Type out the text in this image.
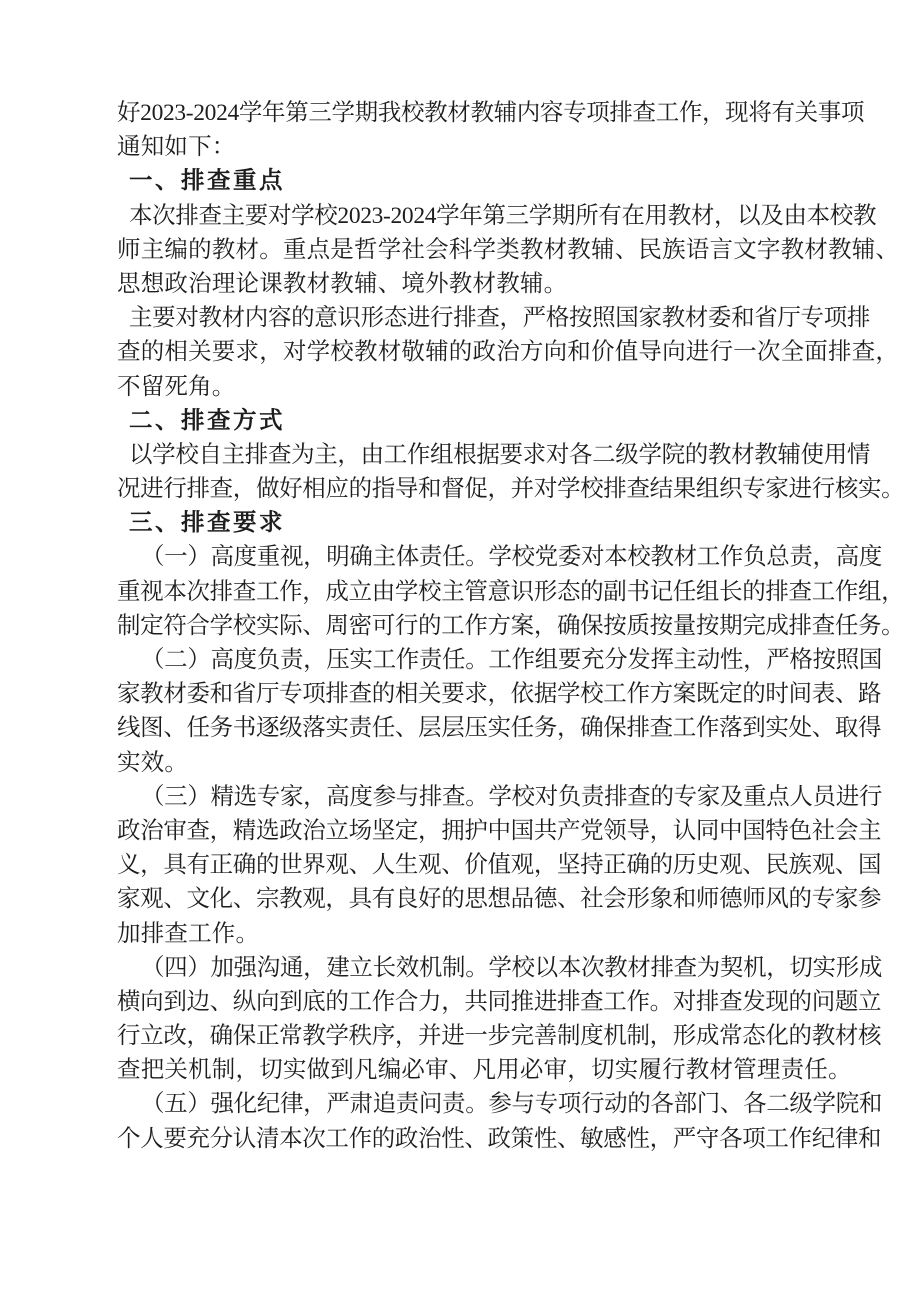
好 2 0 2 3 - 2 0 2 4 学 年 第 三 学 期 我 校 教 材 教 辅 内 容 专 项 排 查 工 作 ， 现 将 有 关 事 项
通知如下：
一、排查重点
本 次 排 查 主 要 对 学 校 2 0 2 3 - 2 0 2 4 学 年 第 三 学 期 所 有 在 用 教 材 ， 以 及 由 本 校 教
师主编的教材。重点是哲学社会科学类教材教辅、民族语言文字教材教辅、
思想政治理论课教材教辅、境外教材教辅。
主 要 对 教 材 内 容 的 意 识 形 态 进 行 排 查 ， 严 格 按 照 国 家 教 材 委 和 省 厅 专 项 排
查的相关要求，对学校教材敬辅的政治方向和价值导向进行一次全面排查，
不留死角。
二、排查方式
以 学 校 自 主 排 查 为 主 ， 由 工 作 组 根 据 要 求 对 各 二 级 学 院 的 教 材 教 辅 使 用 情
况 进 行 排 查 ， 做 好 相 应 的 指 导 和 督 促 ， 并 对 学 校 排 查 结 果 组 织 专 家 进 行 核 实 。
三、排查要求
（ 一 ） 高 度 重 视 ， 明 确 主 体 责 任 。 学 校 党 委 对 本 校 教 材 工 作 负 总 责 ， 高 度
重 视 本 次 排 查 工 作 ， 成 立 由 学 校 主 管 意 识 形 态 的 副 书 记 任 组 长 的 排 查 工 作 组 ，
制 定 符 合 学 校 实 际 、 周 密 可 行 的 工 作 方 案 ， 确 保 按 质 按 量 按 期 完 成 排 查 任 务 。
（ 二 ） 高 度 负 责 ， 压 实 工 作 责 任 。 工 作 组 要 充 分 发 挥 主 动 性 ， 严 格 按 照 国
家 教 材 委 和 省 厅 专 项 排 查 的 相 关 要 求 ， 依 据 学 校 工 作 方 案 既 定 的 时 间 表 、 路
线 图 、 任 务 书 逐 级 落 实 责 任 、 层 层 压 实 任 务 ， 确 保 排 查 工 作 落 到 实 处 、 取 得
实效。
（ 三 ） 精 选 专 家 ， 高 度 参 与 排 查 。 学 校 对 负 责 排 查 的 专 家 及 重 点 人 员 进 行
政 治 审 查 ， 精 选 政 治 立 场 坚 定 ， 拥 护 中 国 共 产 党 领 导 ， 认 同 中 国 特 色 社 会 主
义 ， 具 有 正 确 的 世 界 观 、 人 生 观 、 价 值 观 ， 坚 持 正 确 的 历 史 观 、 民 族 观 、 国
家 观 、 文 化 、 宗 教 观 ， 具 有 良 好 的 思 想 品 德 、 社 会 形 象 和 师 德 师 风 的 专 家 参
加排查工作。
（ 四 ） 加 强 沟 通 ， 建 立 长 效 机 制 。 学 校 以 本 次 教 材 排 查 为 契 机 ， 切 实 形 成
横 向 到 边 、 纵 向 到 底 的 工 作 合 力 ， 共 同 推 进 排 查 工 作 。 对 排 查 发 现 的 问 题 立
行 立 改 ， 确 保 正 常 教 学 秩 序 ， 并 进 一 步 完 善 制 度 机 制 ， 形 成 常 态 化 的 教 材 核
查把关机制，切实做到凡编必审、凡用必审，切实履行教材管理责任。
（ 五 ） 强 化 纪 律 ， 严 肃 追 责 问 责 。 参 与 专 项 行 动 的 各 部 门 、 各 二 级 学 院 和
个 人 要 充 分 认 清 本 次 工 作 的 政 治 性 、 政 策 性 、 敏 感 性 ， 严 守 各 项 工 作 纪 律 和
